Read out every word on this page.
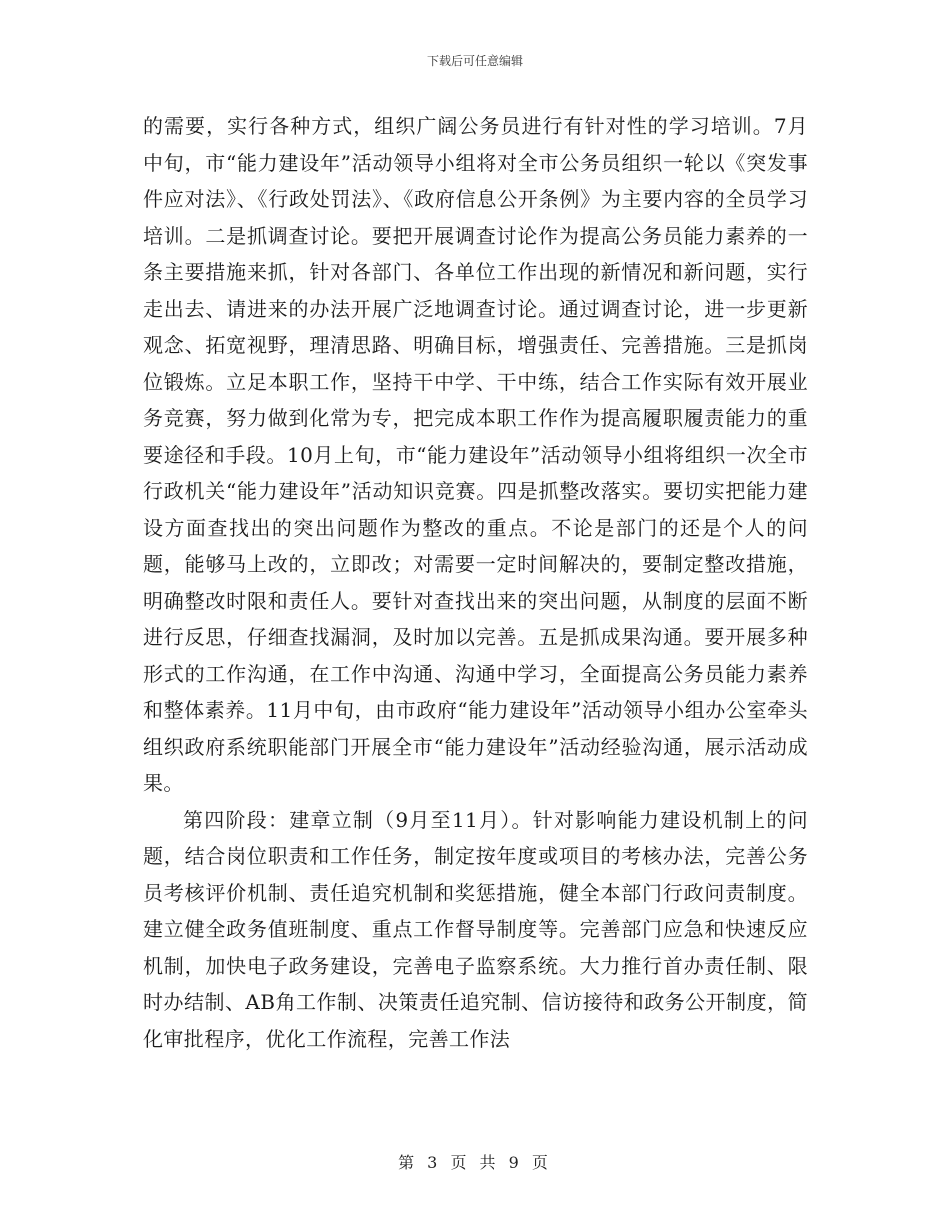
下载后可任意编辑

的需要，实行各种方式，组织广阔公务员进行有针对性的学习培训。7月中旬，市“能力建设年”活动领导小组将对全市公务员组织一轮以《突发事件应对法》、《行政处罚法》、《政府信息公开条例》为主要内容的全员学习培训。二是抓调查讨论。要把开展调查讨论作为提高公务员能力素养的一条主要措施来抓，针对各部门、各单位工作出现的新情况和新问题，实行走出去、请进来的办法开展广泛地调查讨论。通过调查讨论，进一步更新观念、拓宽视野，理清思路、明确目标，增强责任、完善措施。三是抓岗位锻炼。立足本职工作，坚持干中学、干中练，结合工作实际有效开展业务竞赛，努力做到化常为专，把完成本职工作作为提高履职履责能力的重要途径和手段。10月上旬，市“能力建设年”活动领导小组将组织一次全市行政机关“能力建设年”活动知识竞赛。四是抓整改落实。要切实把能力建设方面查找出的突出问题作为整改的重点。不论是部门的还是个人的问题，能够马上改的，立即改；对需要一定时间解决的，要制定整改措施，明确整改时限和责任人。要针对查找出来的突出问题，从制度的层面不断进行反思，仔细查找漏洞，及时加以完善。五是抓成果沟通。要开展多种形式的工作沟通，在工作中沟通、沟通中学习，全面提高公务员能力素养和整体素养。11月中旬，由市政府“能力建设年”活动领导小组办公室牵头组织政府系统职能部门开展全市“能力建设年”活动经验沟通，展示活动成果。

第四阶段：建章立制（9月至11月）。针对影响能力建设机制上的问题，结合岗位职责和工作任务，制定按年度或项目的考核办法，完善公务员考核评价机制、责任追究机制和奖惩措施，健全本部门行政问责制度。建立健全政务值班制度、重点工作督导制度等。完善部门应急和快速反应机制，加快电子政务建设，完善电子监察系统。大力推行首办责任制、限时办结制、AB角工作制、决策责任追究制、信访接待和政务公开制度，简化审批程序，优化工作流程，完善工作法

第 3 页 共 9 页
